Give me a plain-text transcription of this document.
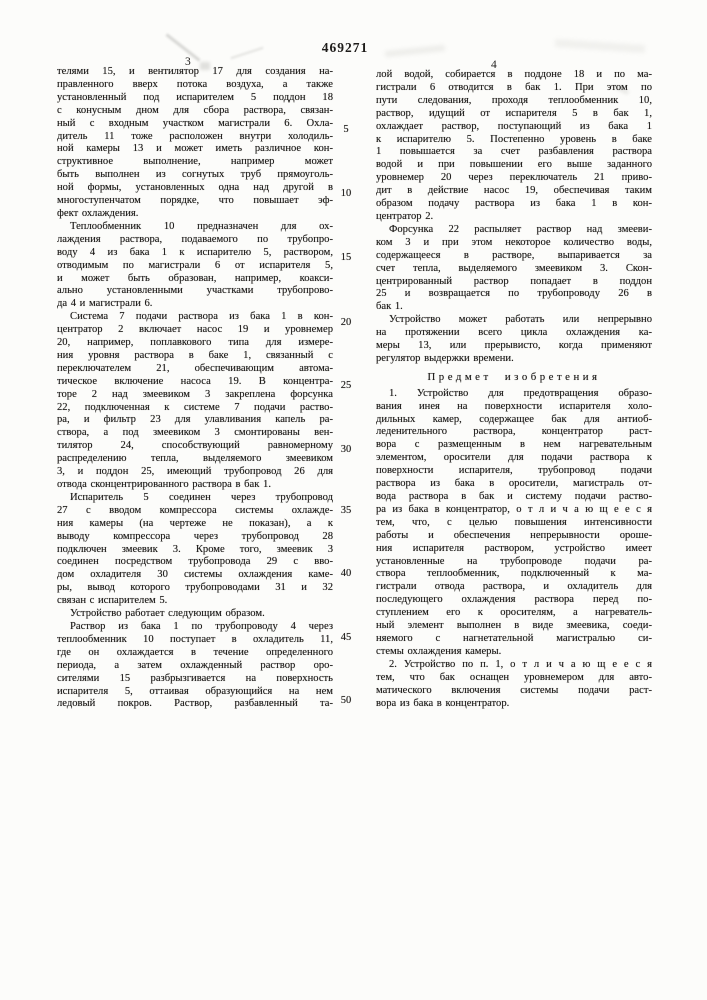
469271
3	4
телями 15, и вентилятор 17 для создания на-
правленного вверх потока воздуха, а также
установленный под испарителем 5 поддон 18
с конусным дном для сбора раствора, связан-
ный с входным участком магистрали 6. Охла-
дитель 11 тоже расположен внутри холодиль-
ной камеры 13 и может иметь различное кон-
структивное выполнение, например может
быть выполнен из согнутых труб прямоуголь-
ной формы, установленных одна над другой в
многоступенчатом порядке, что повышает эф-
фект охлаждения.
Теплообменник 10 предназначен для ох-
лаждения раствора, подаваемого по трубопро-
воду 4 из бака 1 к испарителю 5, раствором,
отводимым по магистрали 6 от испарителя 5,
и может быть образован, например, коакси-
ально установленными участками трубопрово-
да 4 и магистрали 6.
Система 7 подачи раствора из бака 1 в кон-
центратор 2 включает насос 19 и уровнемер
20, например, поплавкового типа для измере-
ния уровня раствора в баке 1, связанный с
переключателем 21, обеспечивающим автома-
тическое включение насоса 19. В концентра-
торе 2 над змеевиком 3 закреплена форсунка
22, подключенная к системе 7 подачи раство-
ра, и фильтр 23 для улавливания капель ра-
створа, а под змеевиком 3 смонтированы вен-
тилятор 24, способствующий равномерному
распределению тепла, выделяемого змеевиком
3, и поддон 25, имеющий трубопровод 26 для
отвода сконцентрированного раствора в бак 1.
Испаритель 5 соединен через трубопровод
27 с вводом компрессора системы охлажде-
ния камеры (на чертеже не показан), а к
выводу компрессора через трубопровод 28
подключен змеевик 3. Кроме того, змеевик 3
соединен посредством трубопровода 29 с вво-
дом охладителя 30 системы охлаждения каме-
ры, вывод которого трубопроводами 31 и 32
связан с испарителем 5.
Устройство работает следующим образом.
Раствор из бака 1 по трубопроводу 4 через
теплообменник 10 поступает в охладитель 11,
где он охлаждается в течение определенного
периода, а затем охлажденный раствор оро-
сителями 15 разбрызгивается на поверхность
испарителя 5, оттаивая образующийся на нем
ледовый покров. Раствор, разбавленный та-
лой водой, собирается в поддоне 18 и по ма-
гистрали 6 отводится в бак 1. При этом по
пути следования, проходя теплообменник 10,
раствор, идущий от испарителя 5 в бак 1,
охлаждает раствор, поступающий из бака 1
к испарителю 5. Постепенно уровень в баке
1 повышается за счет разбавления раствора
водой и при повышении его выше заданного
уровнемер 20 через переключатель 21 приво-
дит в действие насос 19, обеспечивая таким
образом подачу раствора из бака 1 в кон-
центратор 2.
Форсунка 22 распыляет раствор над змееви-
ком 3 и при этом некоторое количество воды,
содержащееся в растворе, выпаривается за
счет тепла, выделяемого змеевиком 3. Скон-
центрированный раствор попадает в поддон
25 и возвращается по трубопроводу 26 в
бак 1.
Устройство может работать или непрерывно
на протяжении всего цикла охлаждения ка-
меры 13, или прерывисто, когда применяют
регулятор выдержки времени.
Предмет изобретения
1. Устройство для предотвращения образо-
вания инея на поверхности испарителя холо-
дильных камер, содержащее бак для антиоб-
леденительного раствора, концентратор раст-
вора с размещенным в нем нагревательным
элементом, оросители для подачи раствора к
поверхности испарителя, трубопровод подачи
раствора из бака в оросители, магистраль от-
вода раствора в бак и систему подачи раство-
ра из бака в концентратор, о т л и ч а ю щ е е с я
тем, что, с целью повышения интенсивности
работы и обеспечения непрерывности ороше-
ния испарителя раствором, устройство имеет
установленные на трубопроводе подачи ра-
створа теплообменник, подключенный к ма-
гистрали отвода раствора, и охладитель для
последующего охлаждения раствора перед по-
ступлением его к оросителям, а нагреватель-
ный элемент выполнен в виде змеевика, соеди-
няемого с нагнетательной магистралью си-
стемы охлаждения камеры.
2. Устройство по п. 1, о т л и ч а ю щ е е с я
тем, что бак оснащен уровнемером для авто-
матического включения системы подачи раст-
вора из бака в концентратор.
5
10
15
20
25
30
35
40
45
50
